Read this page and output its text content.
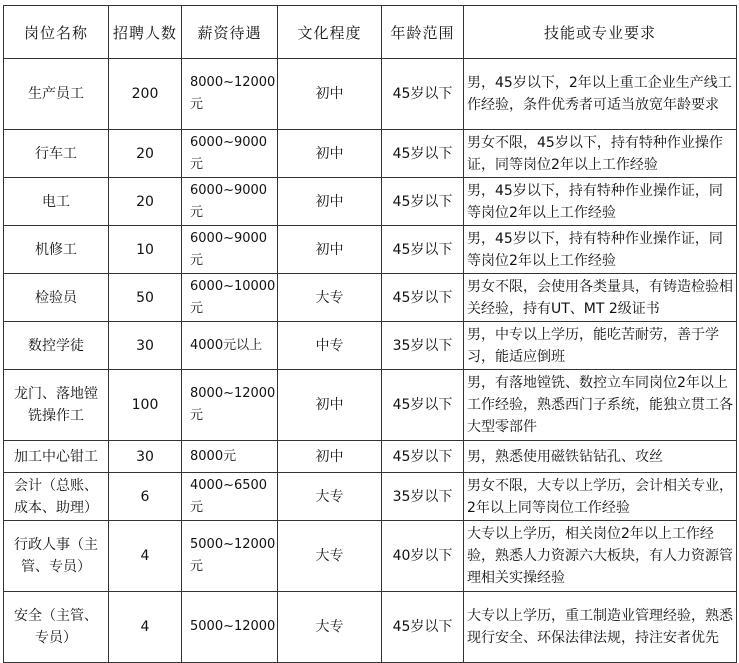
岗位名称	招聘人数	薪资待遇	文化程度	年龄范围	技能或专业要求
生产员工	200	8000~12000元	初中	45岁以下	男，45岁以下，2年以上重工企业生产线工作经验，条件优秀者可适当放宽年龄要求
行车工	20	6000~9000元	初中	45岁以下	男女不限，45岁以下，持有特种作业操作证，同等岗位2年以上工作经验
电工	20	6000~9000元	初中	45岁以下	男，45岁以下，持有特种作业操作证，同等岗位2年以上工作经验
机修工	10	6000~9000元	初中	45岁以下	男，45岁以下，持有特种作业操作证，同等岗位2年以上工作经验
检验员	50	6000~10000元	大专	45岁以下	男女不限，会使用各类量具，有铸造检验相关经验，持有UT、MT 2级证书
数控学徒	30	4000元以上	中专	35岁以下	男，中专以上学历，能吃苦耐劳，善于学习，能适应倒班
龙门、落地镗铣操作工	100	8000~12000元	初中	45岁以下	男，有落地镗铣、数控立车同岗位2年以上工作经验，熟悉西门子系统，能独立贯工各大型零部件
加工中心钳工	30	8000元	初中	45岁以下	男，熟悉使用磁铁钻钻孔、攻丝
会计（总账、成本、助理）	6	4000~6500元	大专	35岁以下	男女不限，大专以上学历，会计相关专业，2年以上同等岗位工作经验
行政人事（主管、专员）	4	5000~12000元	大专	40岁以下	大专以上学历，相关岗位2年以上工作经验，熟悉人力资源六大板块，有人力资源管理相关实操经验
安全（主管、专员）	4	5000~12000	大专	45岁以下	大专以上学历，重工制造业管理经验，熟悉现行安全、环保法律法规，持注安者优先
